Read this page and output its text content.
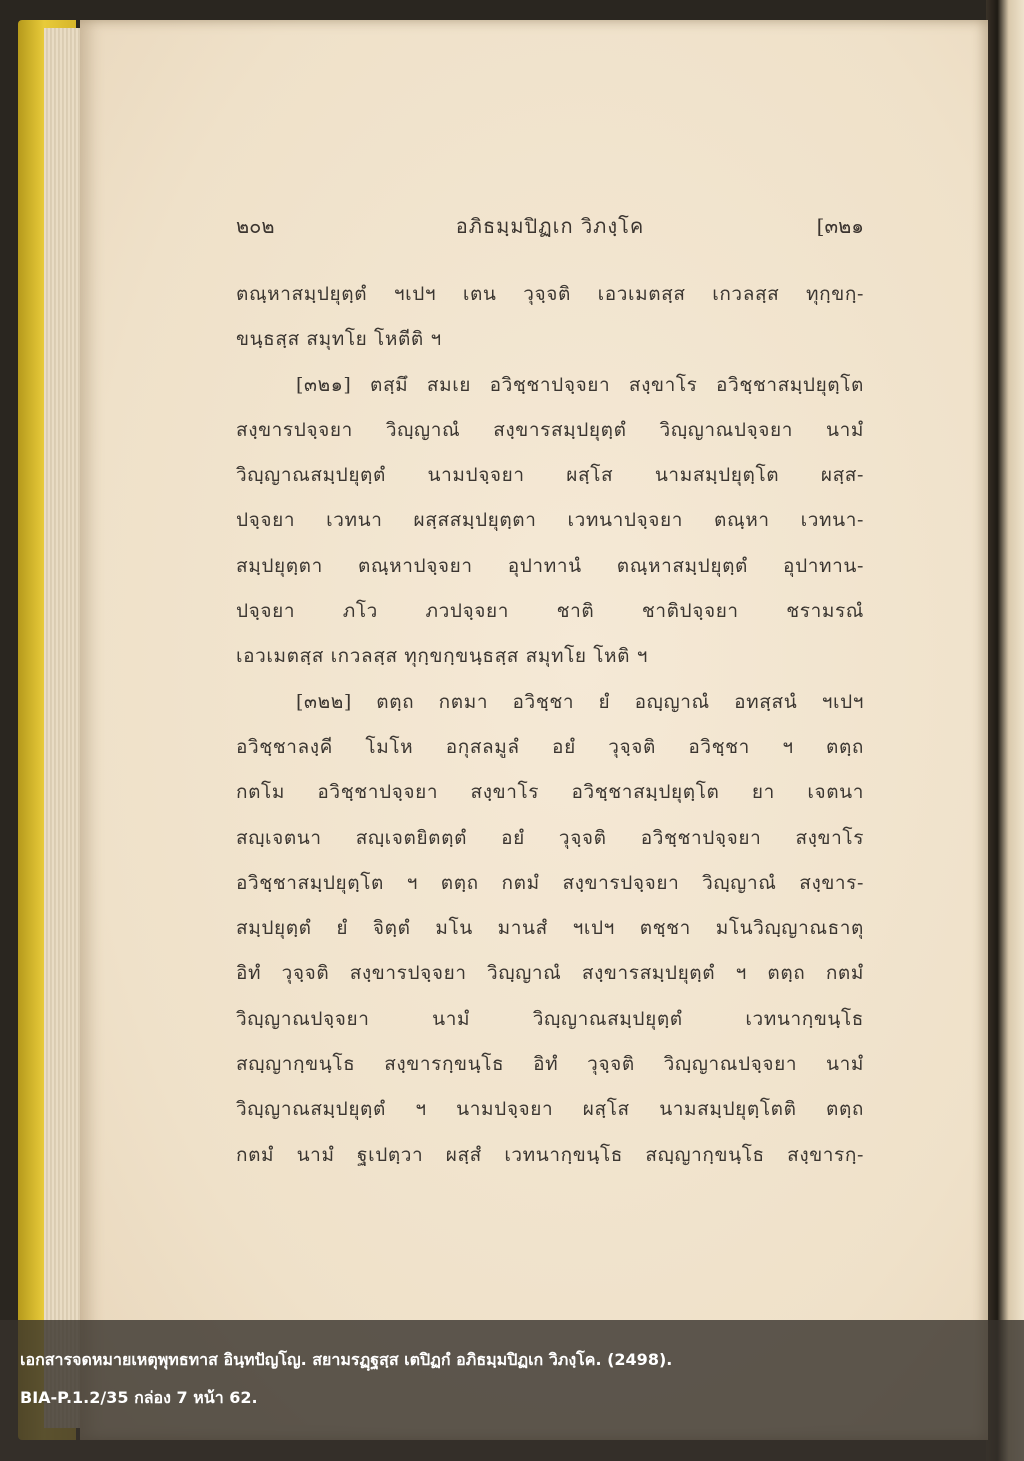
๒๐๒	อภิธมฺมปิฏเก วิภงฺโค	[๓๒๑
ตณฺหาสมฺปยุตฺตํ ฯเปฯ เตน วุจฺจติ เอวเมตสฺส เกวลสฺส ทุกฺขกฺ-
ขนฺธสฺส สมุทโย โหตีติ ฯ
[๓๒๑] ตสฺมึ สมเย อวิชฺชาปจฺจยา สงฺขาโร อวิชฺชาสมฺปยุตฺโต
สงฺขารปจฺจยา วิญฺญาณํ สงฺขารสมฺปยุตฺตํ วิญฺญาณปจฺจยา นามํ
วิญฺญาณสมฺปยุตฺตํ นามปจฺจยา ผสฺโส นามสมฺปยุตฺโต ผสฺส-
ปจฺจยา เวทนา ผสฺสสมฺปยุตฺตา เวทนาปจฺจยา ตณฺหา เวทนา-
สมฺปยุตฺตา ตณฺหาปจฺจยา อุปาทานํ ตณฺหาสมฺปยุตฺตํ อุปาทาน-
ปจฺจยา ภโว ภวปจฺจยา ชาติ ชาติปจฺจยา ชรามรณํ
เอวเมตสฺส เกวลสฺส ทุกฺขกฺขนฺธสฺส สมุทโย โหติ ฯ
[๓๒๒] ตตฺถ กตมา อวิชฺชา ยํ อญฺญาณํ อทสฺสนํ ฯเปฯ
อวิชฺชาลงฺคี โมโห อกุสลมูลํ อยํ วุจฺจติ อวิชฺชา ฯ ตตฺถ
กตโม อวิชฺชาปจฺจยา สงฺขาโร อวิชฺชาสมฺปยุตฺโต ยา เจตนา
สญฺเจตนา สญฺเจตยิตตฺตํ อยํ วุจฺจติ อวิชฺชาปจฺจยา สงฺขาโร
อวิชฺชาสมฺปยุตฺโต ฯ ตตฺถ กตมํ สงฺขารปจฺจยา วิญฺญาณํ สงฺขาร-
สมฺปยุตฺตํ ยํ จิตฺตํ มโน มานสํ ฯเปฯ ตชฺชา มโนวิญฺญาณธาตุ
อิทํ วุจฺจติ สงฺขารปจฺจยา วิญฺญาณํ สงฺขารสมฺปยุตฺตํ ฯ ตตฺถ กตมํ
วิญฺญาณปจฺจยา นามํ วิญฺญาณสมฺปยุตฺตํ เวทนากฺขนฺโธ
สญฺญากฺขนฺโธ สงฺขารกฺขนฺโธ อิทํ วุจฺจติ วิญฺญาณปจฺจยา นามํ
วิญฺญาณสมฺปยุตฺตํ ฯ นามปจฺจยา ผสฺโส นามสมฺปยุตฺโตติ ตตฺถ
กตมํ นามํ ฐเปตฺวา ผสฺสํ เวทนากฺขนฺโธ สญฺญากฺขนฺโธ สงฺขารกฺ-
เอกสารจดหมายเหตุพุทธทาส อินฺทปัญโญ. สยามรฏฺฐสฺส เตปิฏกํ อภิธมฺมปิฏเก วิภงฺโค. (2498).
BIA-P.1.2/35 กล่อง 7 หน้า 62.
